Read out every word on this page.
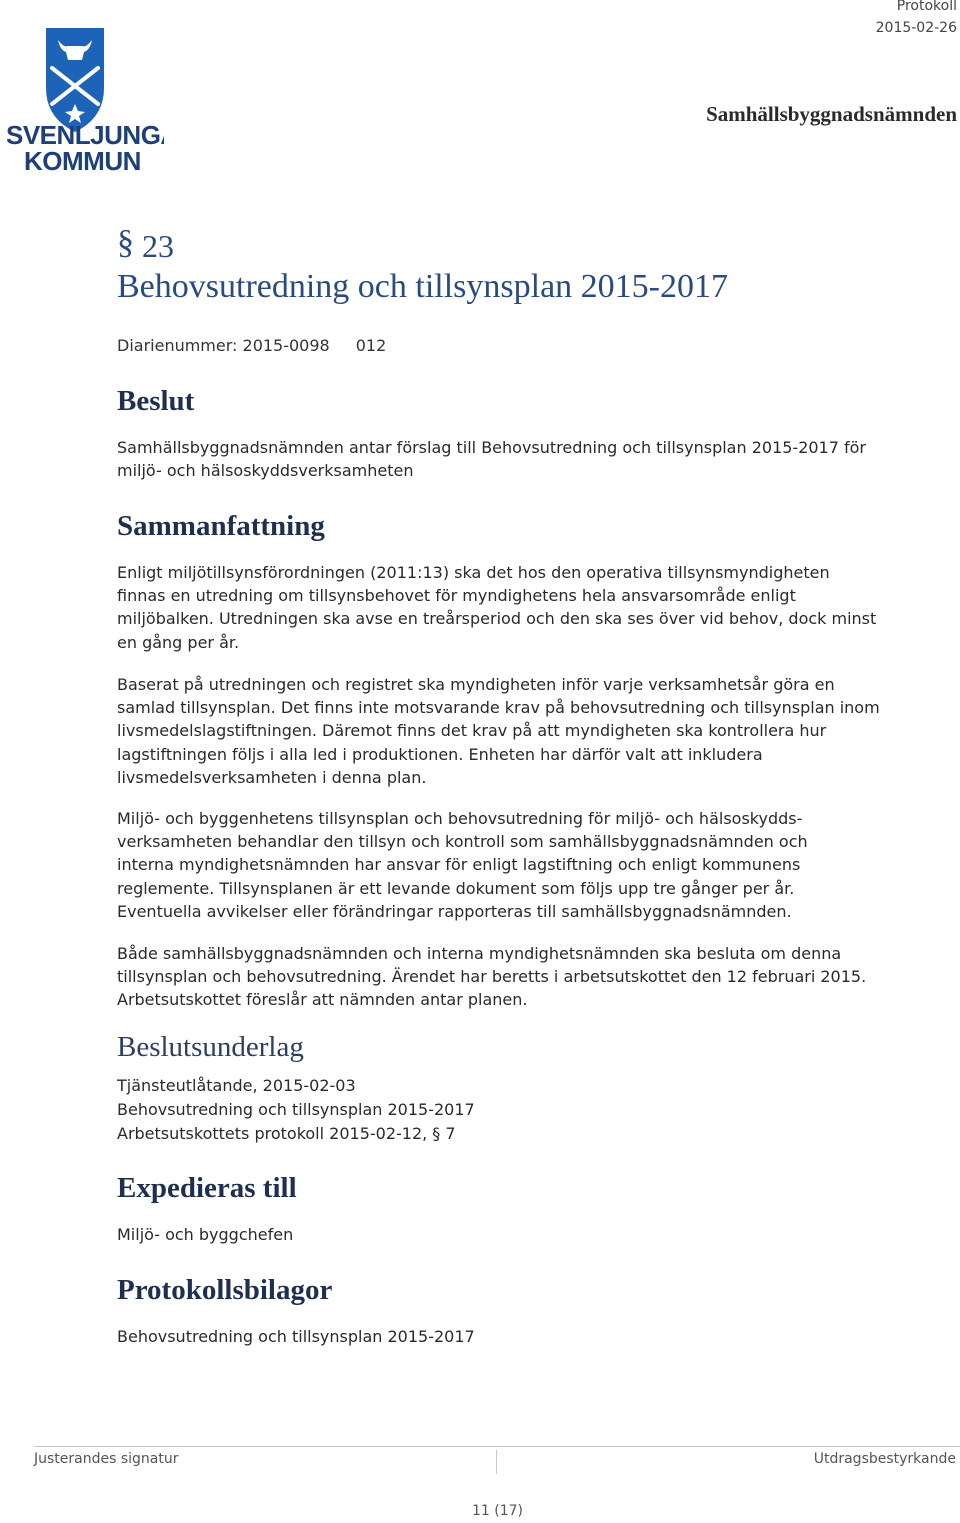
Protokoll
2015-02-26
Samhällsbyggnadsnämnden
SVENLJUNGA
KOMMUN
§ 23
Behovsutredning och tillsynsplan 2015-2017
Diarienummer: 2015-0098 012
Beslut

Samhällsbyggnadsnämnden antar förslag till Behovsutredning och tillsynsplan 2015-2017 för miljö- och hälsoskyddsverksamheten

Sammanfattning

Enligt miljötillsynsförordningen (2011:13) ska det hos den operativa tillsynsmyndigheten finnas en utredning om tillsynsbehovet för myndighetens hela ansvarsområde enligt miljöbalken. Utredningen ska avse en treårsperiod och den ska ses över vid behov, dock minst en gång per år.

Baserat på utredningen och registret ska myndigheten inför varje verksamhetsår göra en samlad tillsynsplan. Det finns inte motsvarande krav på behovsutredning och tillsynsplan inom livsmedelslagstiftningen. Däremot finns det krav på att myndigheten ska kontrollera hur lagstiftningen följs i alla led i produktionen. Enheten har därför valt att inkludera livsmedelsverksamheten i denna plan.

Miljö- och byggenhetens tillsynsplan och behovsutredning för miljö- och hälsoskydds-verksamheten behandlar den tillsyn och kontroll som samhällsbyggnadsnämnden och interna myndighetsnämnden har ansvar för enligt lagstiftning och enligt kommunens reglemente. Tillsynsplanen är ett levande dokument som följs upp tre gånger per år. Eventuella avvikelser eller förändringar rapporteras till samhällsbyggnadsnämnden.

Både samhällsbyggnadsnämnden och interna myndighetsnämnden ska besluta om denna tillsynsplan och behovsutredning. Ärendet har beretts i arbetsutskottet den 12 februari 2015. Arbetsutskottet föreslår att nämnden antar planen.

Beslutsunderlag
Tjänsteutlåtande, 2015-02-03
Behovsutredning och tillsynsplan 2015-2017
Arbetsutskottets protokoll 2015-02-12, § 7
Expedieras till
Miljö- och byggchefen
Protokollsbilagor
Behovsutredning och tillsynsplan 2015-2017
Justerandes signatur	Utdragsbestyrkande
11 (17)
